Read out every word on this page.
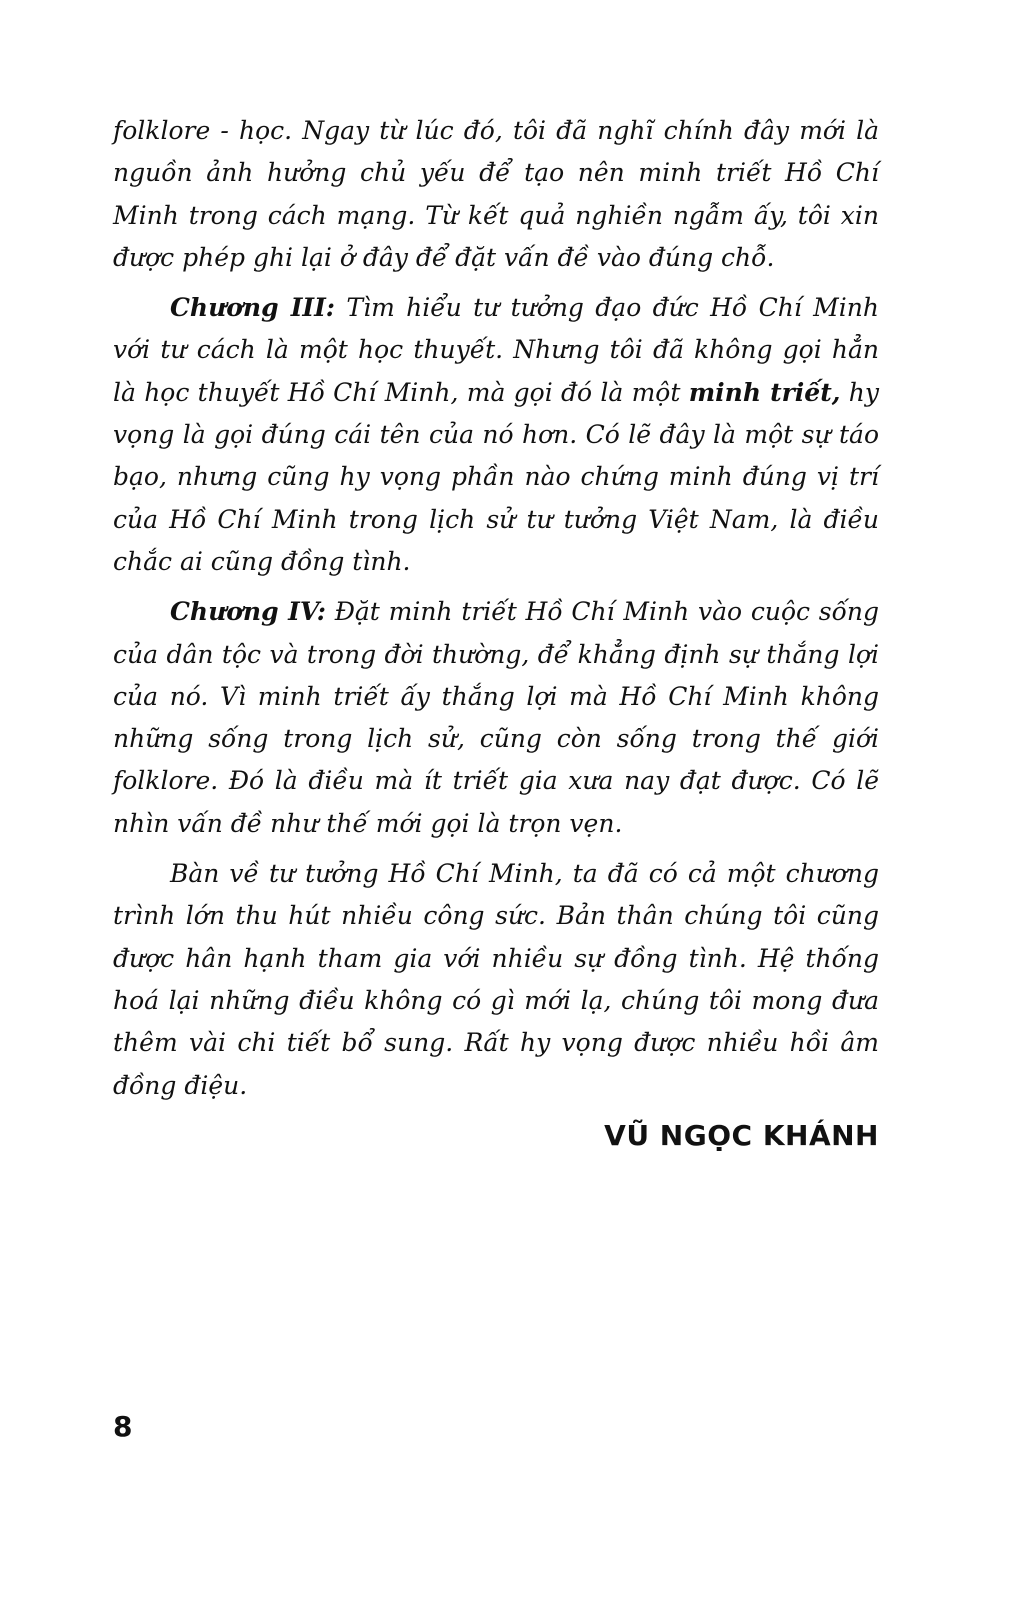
folklore - học. Ngay từ lúc đó, tôi đã nghĩ chính đây mới là nguồn ảnh hưởng chủ yếu để tạo nên minh triết Hồ Chí Minh trong cách mạng. Từ kết quả nghiền ngẫm ấy, tôi xin được phép ghi lại ở đây để đặt vấn đề vào đúng chỗ.

Chương III: Tìm hiểu tư tưởng đạo đức Hồ Chí Minh với tư cách là một học thuyết. Nhưng tôi đã không gọi hẳn là học thuyết Hồ Chí Minh, mà gọi đó là một minh triết, hy vọng là gọi đúng cái tên của nó hơn. Có lẽ đây là một sự táo bạo, nhưng cũng hy vọng phần nào chứng minh đúng vị trí của Hồ Chí Minh trong lịch sử tư tưởng Việt Nam, là điều chắc ai cũng đồng tình.

Chương IV: Đặt minh triết Hồ Chí Minh vào cuộc sống của dân tộc và trong đời thường, để khẳng định sự thắng lợi của nó. Vì minh triết ấy thắng lợi mà Hồ Chí Minh không những sống trong lịch sử, cũng còn sống trong thế giới folklore. Đó là điều mà ít triết gia xưa nay đạt được. Có lẽ nhìn vấn đề như thế mới gọi là trọn vẹn.

Bàn về tư tưởng Hồ Chí Minh, ta đã có cả một chương trình lớn thu hút nhiều công sức. Bản thân chúng tôi cũng được hân hạnh tham gia với nhiều sự đồng tình. Hệ thống hoá lại những điều không có gì mới lạ, chúng tôi mong đưa thêm vài chi tiết bổ sung. Rất hy vọng được nhiều hồi âm đồng điệu.

VŨ NGỌC KHÁNH
8
